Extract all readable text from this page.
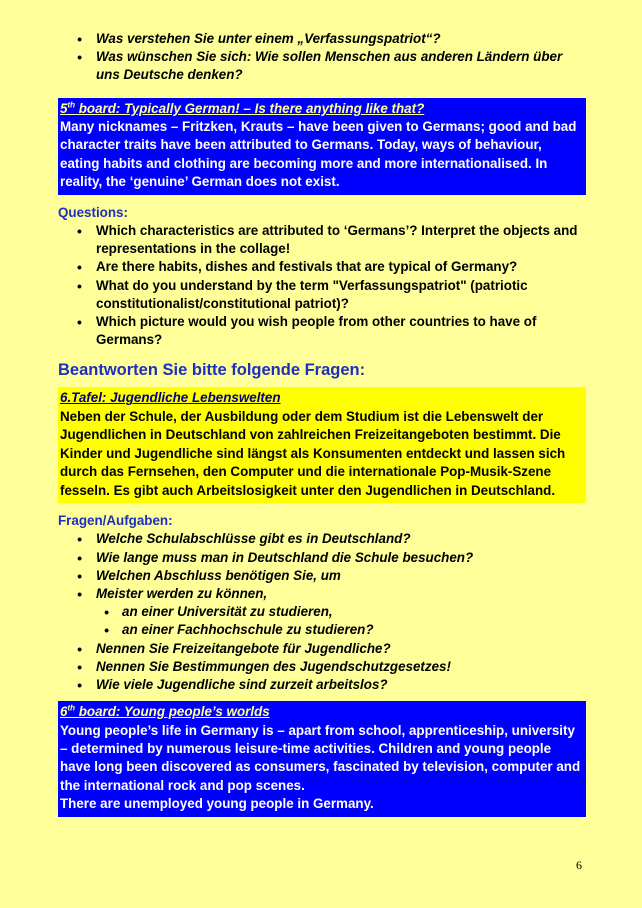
• Was verstehen Sie unter einem „Verfassungspatriot“?
• Was wünschen Sie sich: Wie sollen Menschen aus anderen Ländern über uns Deutsche denken?
5th board: Typically German! – Is there anything like that?
Many nicknames – Fritzken, Krauts – have been given to Germans; good and bad character traits have been attributed to Germans. Today, ways of behaviour, eating habits and clothing are becoming more and more internationalised. In reality, the ‘genuine’ German does not exist.
Questions:
• Which characteristics are attributed to ‘Germans’? Interpret the objects and representations in the collage!
• Are there habits, dishes and festivals that are typical of Germany?
• What do you understand by the term "Verfassungspatriot" (patriotic constitutionalist/constitutional patriot)?
• Which picture would you wish people from other countries to have of Germans?
Beantworten Sie bitte folgende Fragen:
6.Tafel: Jugendliche Lebenswelten
Neben der Schule, der Ausbildung oder dem Studium ist die Lebenswelt der Jugendlichen in Deutschland von zahlreichen Freizeitangeboten bestimmt. Die Kinder und Jugendliche sind längst als Konsumenten entdeckt und lassen sich durch das Fernsehen, den Computer und die internationale Pop-Musik-Szene fesseln. Es gibt auch Arbeitslosigkeit unter den Jugendlichen in Deutschland.
Fragen/Aufgaben:
• Welche Schulabschlüsse gibt es in Deutschland?
• Wie lange muss man in Deutschland die Schule besuchen?
• Welchen Abschluss benötigen Sie, um
• Meister werden zu können,
• an einer Universität zu studieren,
• an einer Fachhochschule zu studieren?
• Nennen Sie Freizeitangebote für Jugendliche?
• Nennen Sie Bestimmungen des Jugendschutzgesetzes!
• Wie viele Jugendliche sind zurzeit arbeitslos?
6th board: Young people’s worlds
Young people’s life in Germany is – apart from school, apprenticeship, university – determined by numerous leisure-time activities. Children and young people have long been discovered as consumers, fascinated by television, computer and the international rock and pop scenes.
There are unemployed young people in Germany.
6
